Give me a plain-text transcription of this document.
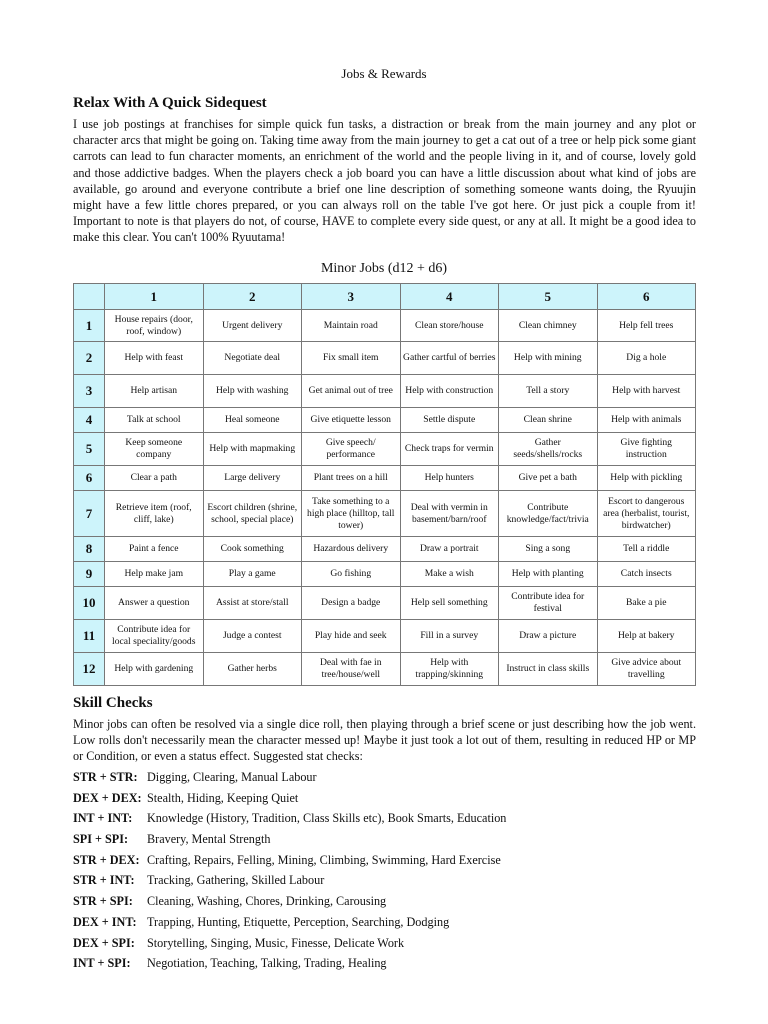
Jobs & Rewards
Relax With A Quick Sidequest

I use job postings at franchises for simple quick fun tasks, a distraction or break from the main journey and any plot or character arcs that might be going on. Taking time away from the main journey to get a cat out of a tree or help pick some giant carrots can lead to fun character moments, an enrichment of the world and the people living in it, and of course, lovely gold and those addictive badges. When the players check a job board you can have a little discussion about what kind of jobs are available, go around and everyone contribute a brief one line description of something someone wants doing, the Ryuujin might have a few little chores prepared, or you can always roll on the table I've got here. Or just pick a couple from it! Important to note is that players do not, of course, HAVE to complete every side quest, or any at all. It might be a good idea to make this clear. You can't 100% Ryuutama!

Minor Jobs (d12 + d6)
	1	2	3	4	5	6
1	House repairs (door, roof, window)	Urgent delivery	Maintain road	Clean store/house	Clean chimney	Help fell trees
2	Help with feast	Negotiate deal	Fix small item	Gather cartful of berries	Help with mining	Dig a hole
3	Help artisan	Help with washing	Get animal out of tree	Help with construction	Tell a story	Help with harvest
4	Talk at school	Heal someone	Give etiquette lesson	Settle dispute	Clean shrine	Help with animals
5	Keep someone company	Help with mapmaking	Give speech/ performance	Check traps for vermin	Gather seeds/shells/rocks	Give fighting instruction
6	Clear a path	Large delivery	Plant trees on a hill	Help hunters	Give pet a bath	Help with pickling
7	Retrieve item (roof, cliff, lake)	Escort children (shrine, school, special place)	Take something to a high place (hilltop, tall tower)	Deal with vermin in basement/barn/roof	Contribute knowledge/fact/trivia	Escort to dangerous area (herbalist, tourist, birdwatcher)
8	Paint a fence	Cook something	Hazardous delivery	Draw a portrait	Sing a song	Tell a riddle
9	Help make jam	Play a game	Go fishing	Make a wish	Help with planting	Catch insects
10	Answer a question	Assist at store/stall	Design a badge	Help sell something	Contribute idea for festival	Bake a pie
11	Contribute idea for local speciality/goods	Judge a contest	Play hide and seek	Fill in a survey	Draw a picture	Help at bakery
12	Help with gardening	Gather herbs	Deal with fae in tree/house/well	Help with trapping/skinning	Instruct in class skills	Give advice about travelling
Skill Checks

Minor jobs can often be resolved via a single dice roll, then playing through a brief scene or just describing how the job went. Low rolls don't necessarily mean the character messed up! Maybe it just took a lot out of them, resulting in reduced HP or MP or Condition, or even a status effect. Suggested stat checks:

STR + STR: Digging, Clearing, Manual Labour
DEX + DEX: Stealth, Hiding, Keeping Quiet
INT + INT: Knowledge (History, Tradition, Class Skills etc), Book Smarts, Education
SPI + SPI: Bravery, Mental Strength
STR + DEX: Crafting, Repairs, Felling, Mining, Climbing, Swimming, Hard Exercise
STR + INT: Tracking, Gathering, Skilled Labour
STR + SPI: Cleaning, Washing, Chores, Drinking, Carousing
DEX + INT: Trapping, Hunting, Etiquette, Perception, Searching, Dodging
DEX + SPI: Storytelling, Singing, Music, Finesse, Delicate Work
INT + SPI: Negotiation, Teaching, Talking, Trading, Healing
